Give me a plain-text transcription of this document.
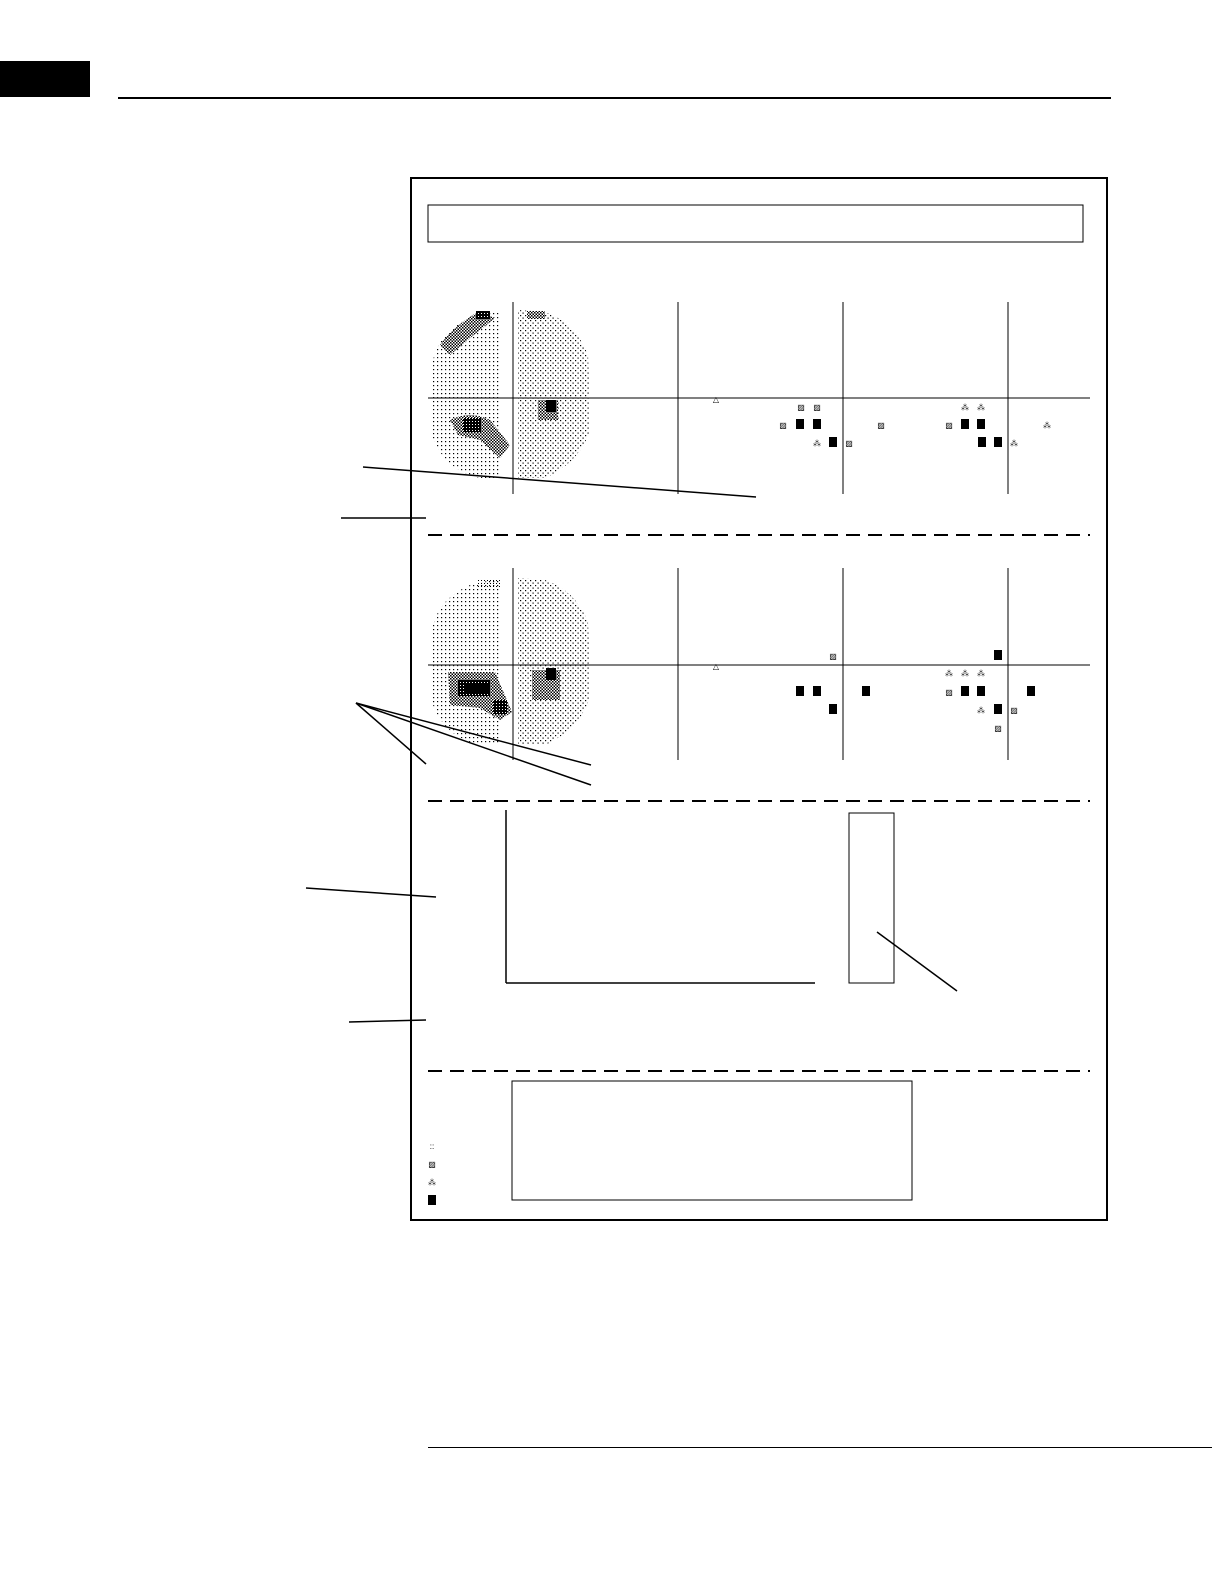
△
⁂
▨ ▨
▨
▨
▨
⁂ ⁂
⁂
⁂
▨
△
▨
⁂ ⁂ ⁂
⁂
▨
▨
▨
::
▨
⁂
